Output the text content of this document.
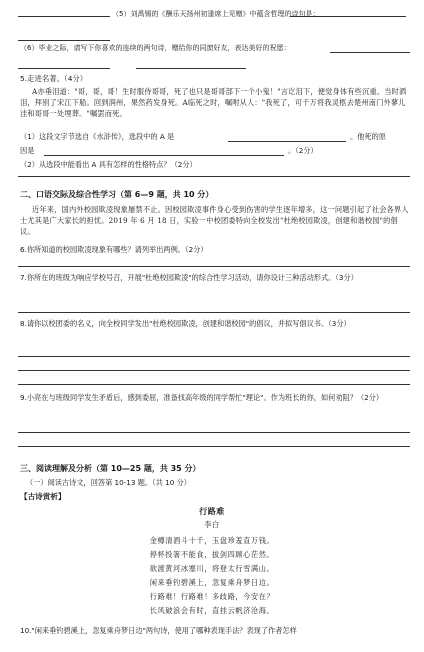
（5）刘禹锡的《酬乐天扬州初逢席上见赠》中蕴含哲理的诗句是：
（6）毕业之际，请写下你喜欢的连续的两句诗，赠给你的同窗好友，表达美好的祝愿：
5.走进名著。（4分）
A亦垂泪道："哥，哥，哥！生时服侍哥哥，死了也只是哥哥部下一个小鬼！"言讫泪下，便觉身体有些沉重。当时洒泪，拜别了宋江下船。回到润州，果然药发身死。A临死之时，嘱咐从人："我死了，可千万将我灵柩去楚州南门外蓼儿洼和哥哥一处埋葬。"嘱罢而死。
（1）这段文字节选自《水浒传》，选段中的 A 是	。他死的原
因是	。（2分）
（2）从选段中能看出 A 具有怎样的性格特点？（2分）
二、口语交际及综合性学习（第 6—9 题，共 10 分）
近年来，国内外校园欺凌现象屡禁不止。因校园欺凌事件身心受到伤害的学生逐年增多，这一问题引起了社会各界人士尤其是广大家长的担忧。2019 年 6 月 18 日，实验一中校团委特向全校发出"杜绝校园欺凌，创建和谐校园"的倡议。
6.你所知道的校园欺凌现象有哪些？请列举出两例。（2分）
7.你所在的班级为响应学校号召，开展"杜绝校园欺凌"的综合性学习活动，请你设计三种活动形式。（3分）
8.请你以校团委的名义，向全校同学发出"杜绝校园欺凌，创建和谐校园"的倡议，并拟写倡议书。（3分）
9.小亮在与班级同学发生矛盾后，感到委屈，准备找高年级的同学帮忙"理论"。作为班长的你，如何劝阻？（2分）
三、阅读理解及分析（第 10—25 题，共 35 分）
（一）阅读古诗文，回答第 10-13 题。（共 10 分）
【古诗赏析】
行路难
李白
金樽清酒斗十千，玉盘珍羞直万钱。
停杯投箸不能食，拔剑四顾心茫然。
欲渡黄河冰塞川，将登太行雪满山。
闲来垂钓碧溪上，忽复乘舟梦日边。
行路难！行路难！多歧路，今安在？
长风破浪会有时，直挂云帆济沧海。
10."闲来垂钓碧溪上，忽复乘舟梦日边"两句诗，使用了哪种表现手法？表现了作者怎样
